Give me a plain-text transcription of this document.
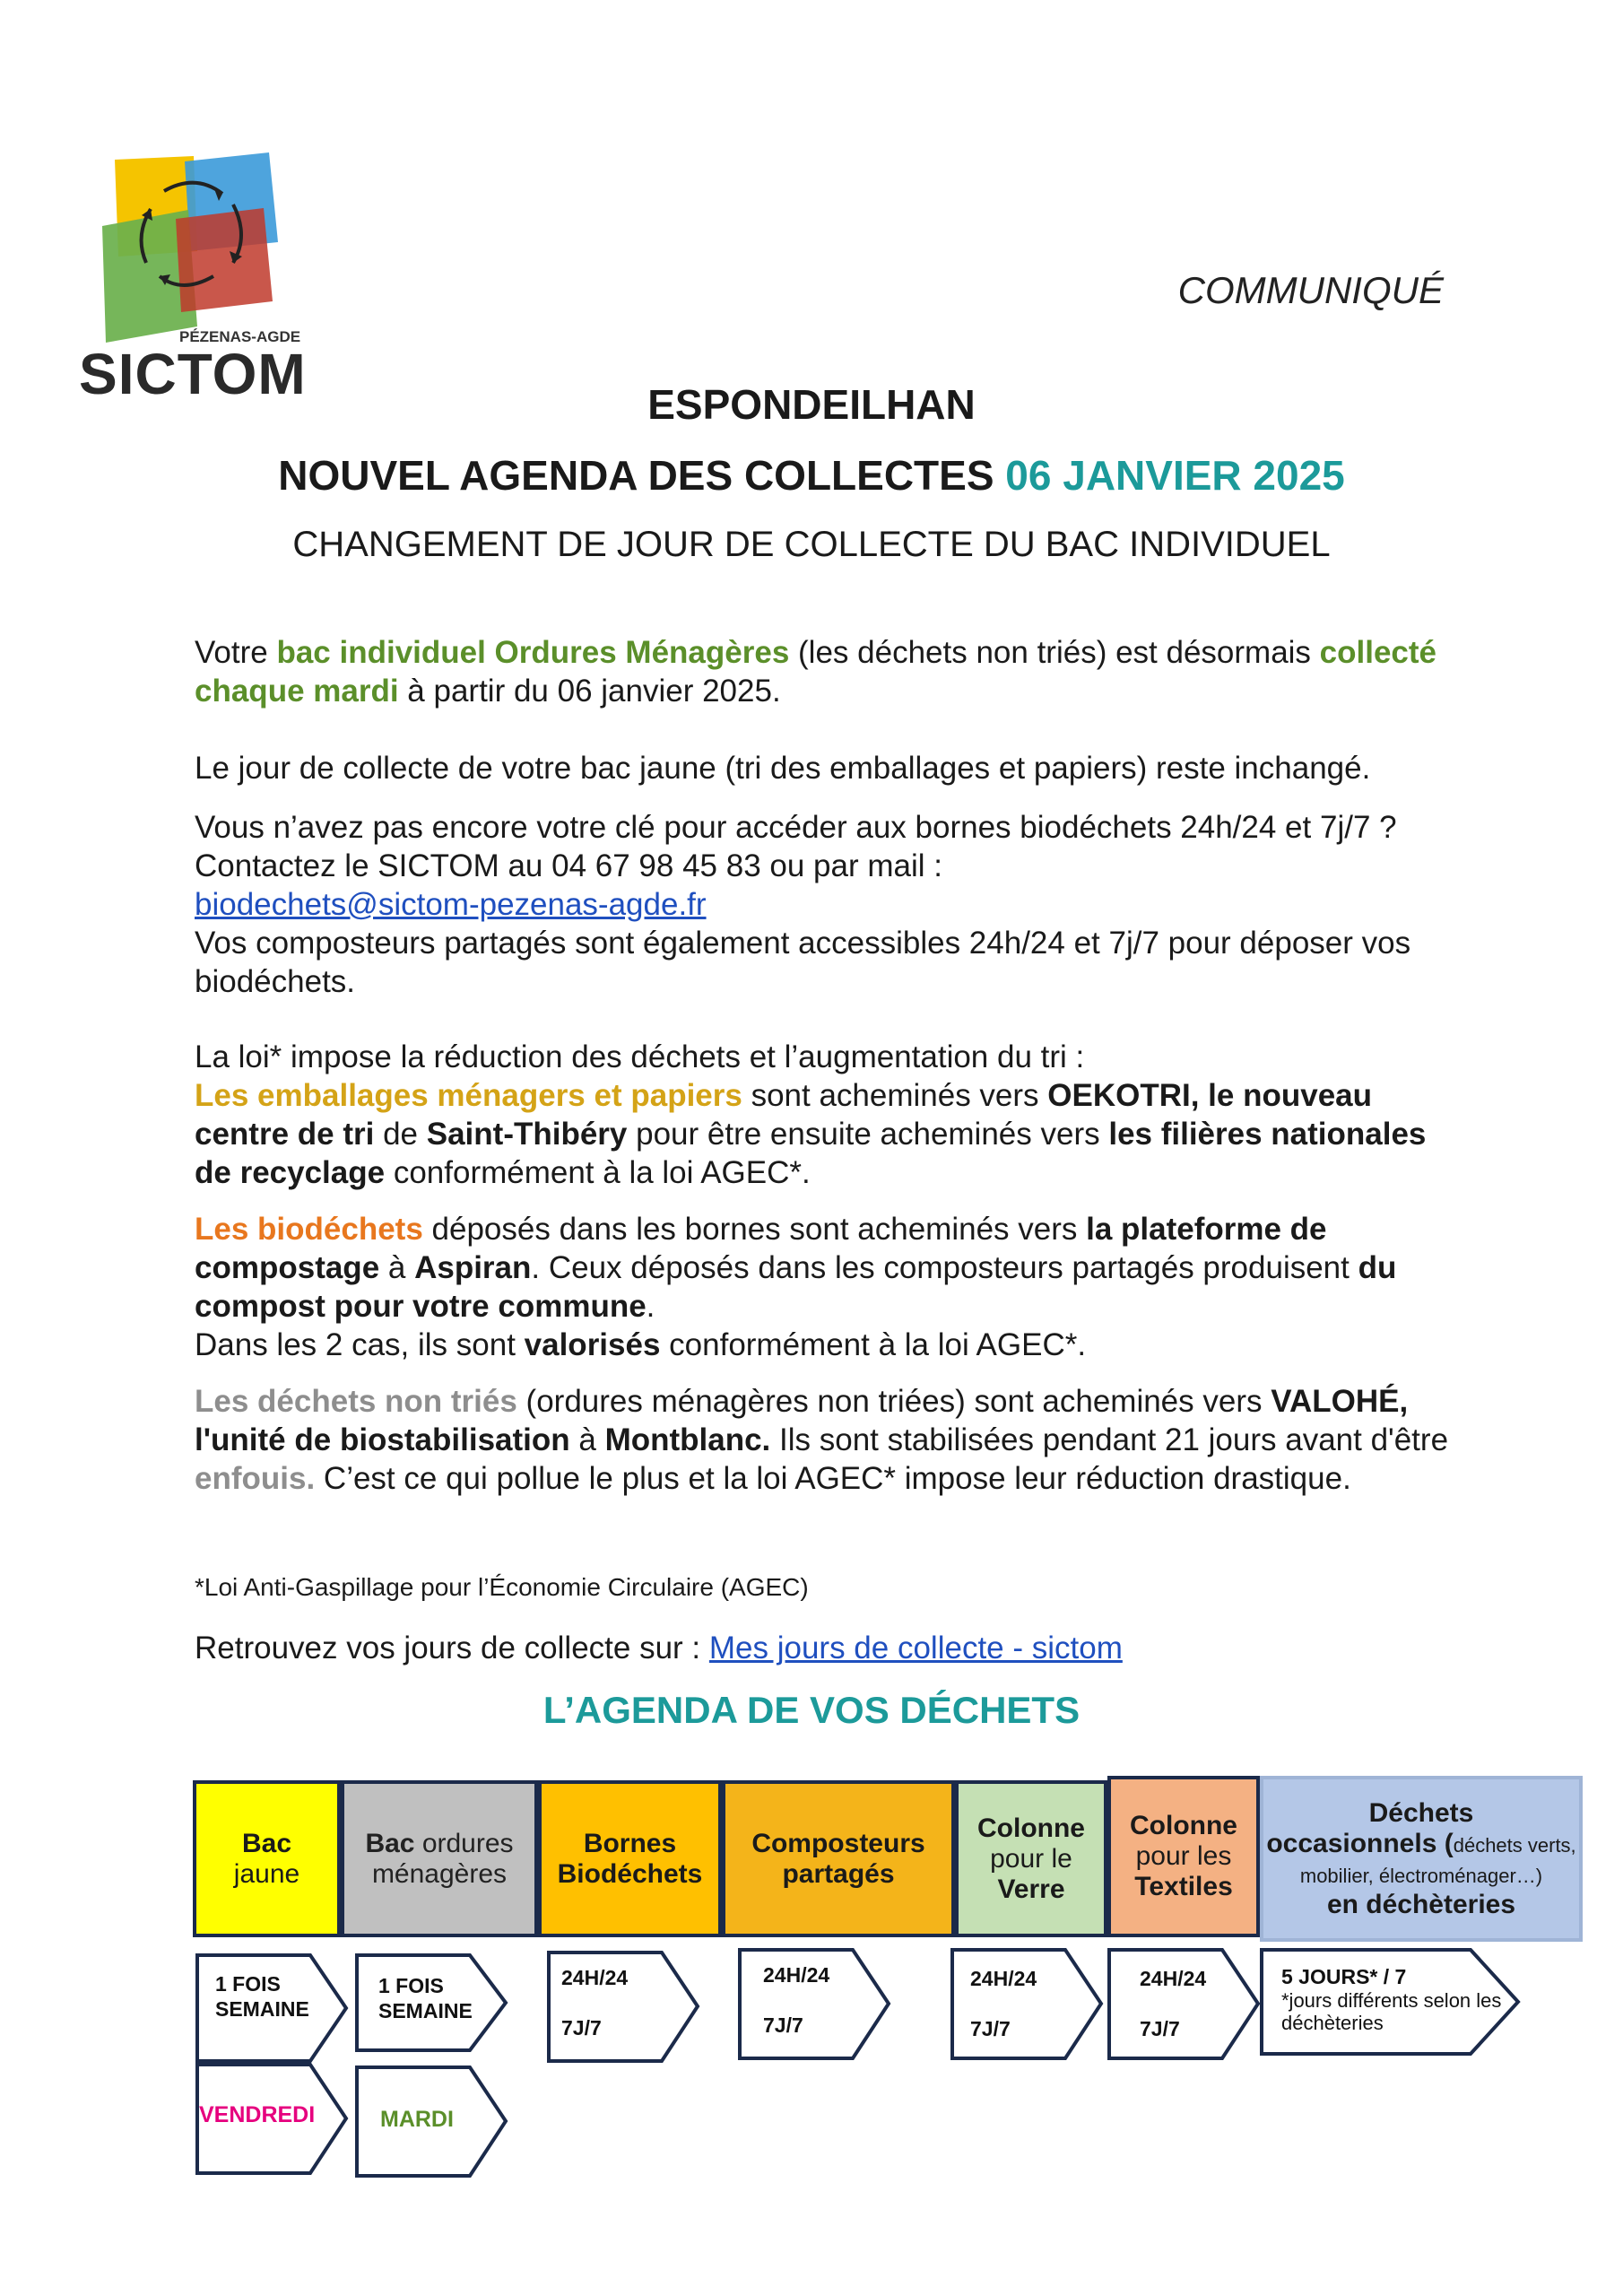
PÉZENAS-AGDE
SICTOM
COMMUNIQUÉ
ESPONDEILHAN
NOUVEL AGENDA DES COLLECTES 06 JANVIER 2025
CHANGEMENT DE JOUR DE COLLECTE DU BAC INDIVIDUEL
Votre bac individuel Ordures Ménagères (les déchets non triés) est désormais collecté chaque mardi à partir du 06 janvier 2025.
Le jour de collecte de votre bac jaune (tri des emballages et papiers) reste inchangé.
Vous n’avez pas encore votre clé pour accéder aux bornes biodéchets 24h/24 et 7j/7 ? Contactez le SICTOM au 04 67 98 45 83 ou par mail :
biodechets@sictom-pezenas-agde.fr
Vos composteurs partagés sont également accessibles 24h/24 et 7j/7 pour déposer vos biodéchets.
La loi* impose la réduction des déchets et l’augmentation du tri :
Les emballages ménagers et papiers sont acheminés vers OEKOTRI, le nouveau centre de tri de Saint-Thibéry pour être ensuite acheminés vers les filières nationales de recyclage conformément à la loi AGEC*.
Les biodéchets déposés dans les bornes sont acheminés vers la plateforme de compostage à Aspiran. Ceux déposés dans les composteurs partagés produisent du compost pour votre commune.
Dans les 2 cas, ils sont valorisés conformément à la loi AGEC*.
Les déchets non triés (ordures ménagères non triées) sont acheminés vers VALOHÉ, l'unité de biostabilisation à Montblanc. Ils sont stabilisées pendant 21 jours avant d'être enfouis. C’est ce qui pollue le plus et la loi AGEC* impose leur réduction drastique.
*Loi Anti-Gaspillage pour l’Économie Circulaire (AGEC)
Retrouvez vos jours de collecte sur : Mes jours de collecte - sictom
L’AGENDA DE VOS DÉCHETS
Bac
jaune
Bac ordures
ménagères
Bornes
Biodéchets
Composteurs
partagés
Colonne
pour le
Verre
Colonne
pour les
Textiles
Déchets
occasionnels (déchets verts, mobilier, électroménager…)
en déchèteries
1 FOIS
SEMAINE
1 FOIS
SEMAINE
24H/24

7J/7
24H/24

7J/7
24H/24

7J/7
24H/24

7J/7
5 JOURS* / 7

*jours différents selon les déchèteries
VENDREDI	MARDI
